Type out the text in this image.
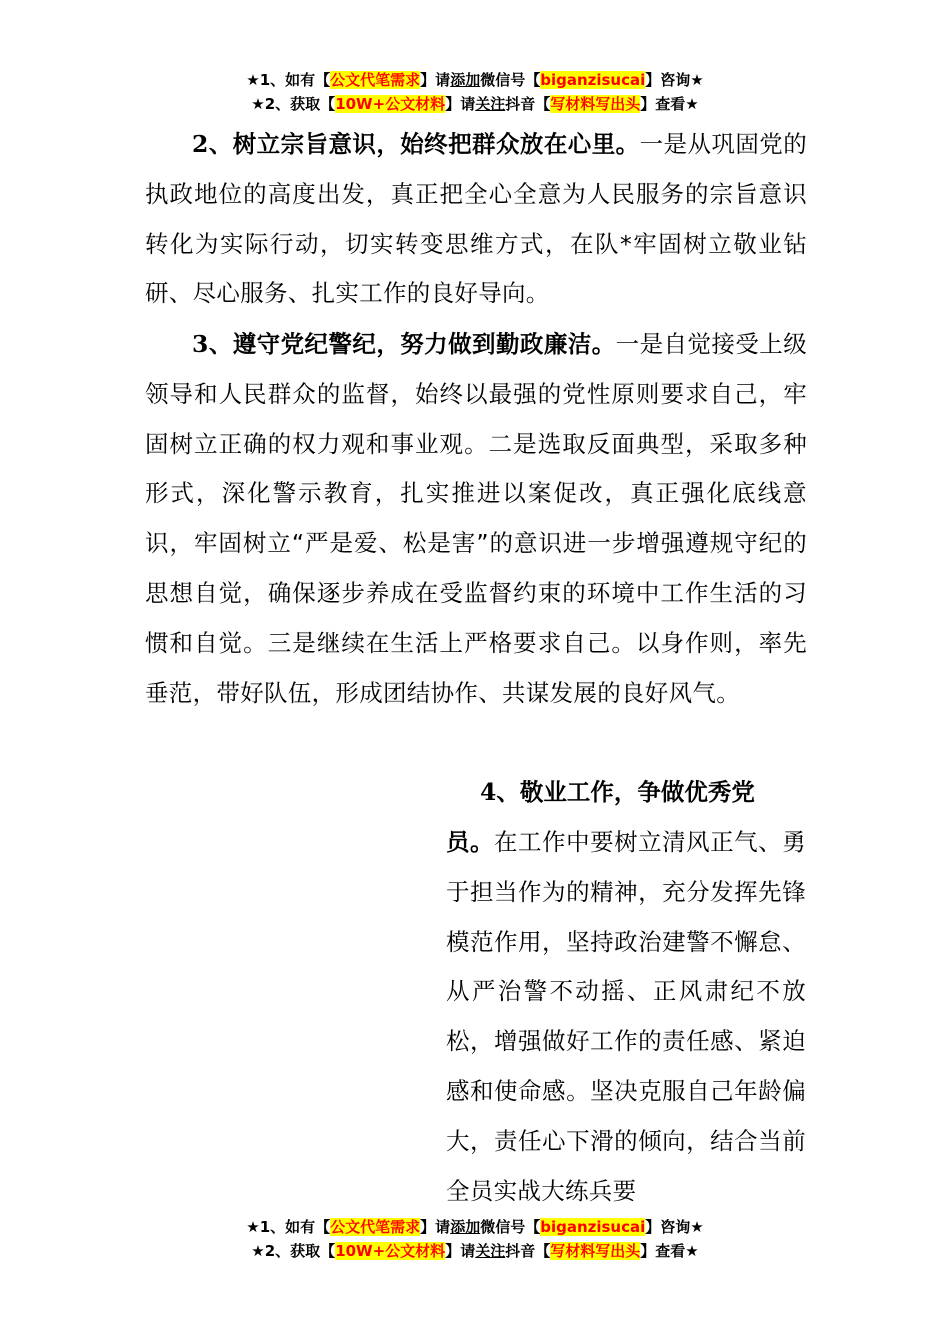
★1、如有【公文代笔需求】请添加微信号【biganzisucai】咨询★
★2、获取【10W+公文材料】请关注抖音【写材料写出头】查看★

2、树立宗旨意识，始终把群众放在心里。一是从巩固党的执政地位的高度出发，真正把全心全意为人民服务的宗旨意识转化为实际行动，切实转变思维方式，在队*牢固树立敬业钻研、尽心服务、扎实工作的良好导向。

3、遵守党纪警纪，努力做到勤政廉洁。一是自觉接受上级领导和人民群众的监督，始终以最强的党性原则要求自己，牢固树立正确的权力观和事业观。二是选取反面典型，采取多种形式，深化警示教育，扎实推进以案促改，真正强化底线意识，牢固树立“严是爱、松是害”的意识进一步增强遵规守纪的思想自觉，确保逐步养成在受监督约束的环境中工作生活的习惯和自觉。三是继续在生活上严格要求自己。以身作则，率先垂范，带好队伍，形成团结协作、共谋发展的良好风气。

4、敬业工作，争做优秀党
员。在工作中要树立清风正气、勇于担当作为的精神，充分发挥先锋模范作用，坚持政治建警不懈怠、从严治警不动摇、正风肃纪不放松，增强做好工作的责任感、紧迫感和使命感。坚决克服自己年龄偏大，责任心下滑的倾向，结合当前全员实战大练兵要
★1、如有【公文代笔需求】请添加微信号【biganzisucai】咨询★
★2、获取【10W+公文材料】请关注抖音【写材料写出头】查看★
